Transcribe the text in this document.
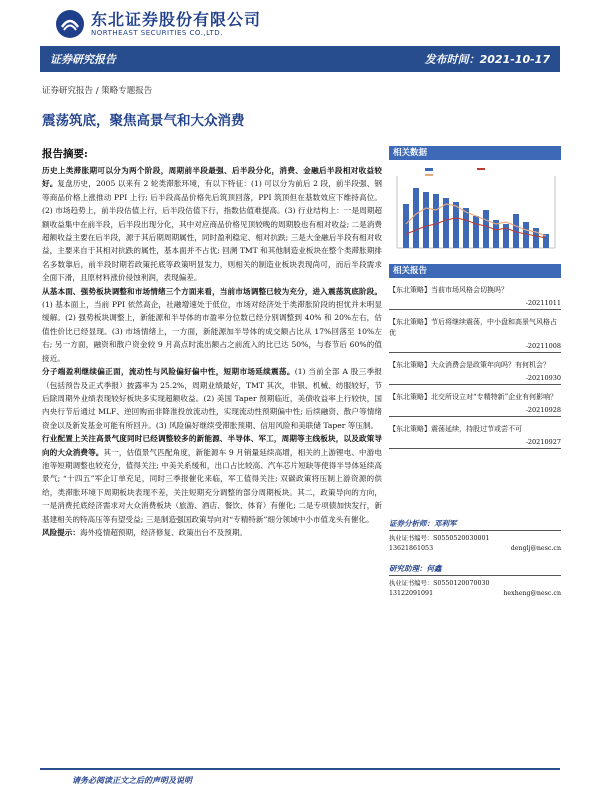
东北证券股份有限公司
NORTHEAST SECURITIES CO.,LTD.
证券研究报告	发布时间：2021-10-17
证券研究报告 / 策略专题报告
震荡筑底，聚焦高景气和大众消费
报告摘要:

历史上类滞胀期可以分为两个阶段，周期前半段最强、后半段分化，消费、金融后半段相对收益较好。复盘历史，2005 以来有 2 轮类滞胀环境，有以下特征：(1) 可以分为前后 2 段，前半段强、钢等商品价格上涨推动 PPI 上行; 后半段高品价格先后筑顶回落，PPI 筑顶但在基数效应下维持高位。(2) 市场趋势上，前半段估值上行，后半段估值下行，指数估值难提高。(3) 行业结构上：一是周期超额收益集中在前半段，后半段出现分化，其中对应商品价格见顶较晚的周期股也有相对收益; 二是消费超额收益主要在后半段，源于其后期周期属性，同时盈利稳定、相对抗跌; 三是大金融后半段有相对收益，主要来自于其相对抗跌的属性，基本面并不占优; 回溯 TMT 和其他制造业板块在整个类滞胀期排名多数靠后，前半段时期若政策托底等政策明显发力，则相关的制造业板块表现尚可，而后半段需求全面下滑，且原材料涨价侵蚀利润，表现偏差。

从基本面、强势板块调整和市场情绪三个方面来看，当前市场调整已较为充分，进入震荡筑底阶段。(1) 基本面上，当前 PPI 依然高企，社融增速处于低位，市场对经济处于类滞胀阶段的担忧并未明显缓解。(2) 强势板块调整上，新能源和半导体的市盈率分位数已经分别调整到 40% 和 20%左右，估值性价比已经显现。(3) 市场情绪上，一方面，新能源加半导体的成交额占比从 17%回落至 10%左右; 另一方面，融资和散户资金较 9 月高点时流出额占之前流入的比已达 50%，与春节后 60%的值接近。

分子端盈利继续偏正面，流动性与风险偏好偏中性，短期市场延续震荡。(1) 当前全部 A 股三季报（包括预告及正式季报）披露率为 25.2%，周期业绩最好，TMT 其次，非银、机械、纺服较好，节后除周期外业绩表现较好板块多实现超额收益。(2) 美国 Taper 预期临近，美债收益率上行较快，国内央行节后通过 MLF、逆回购而非降准投放流动性，实现流动性预期偏中性; 后续融资、散户等情绪资金以及新发基金可能有所回升。(3) 风险偏好继续受滞胀预期、信用风险和美联储 Taper 等压制。

行业配置上关注高景气度同时已经调整较多的新能源、半导体、军工，周期等主线板块，以及政策导向的大众消费等。其一，估值景气匹配角度，新能源车 9 月销量延续高增，相关的上游锂电、中游电池等短期调整也较充分，值得关注; 中美关系缓和，出口占比较高、汽车芯片短缺等使得半导体延续高景气; “十四五”军企订单充足，同时三季报催化来临，军工值得关注; 双碳政策将压制上游资源的供给，类滞胀环境下周期板块表现不差，关注短期充分调整的部分周期板块。其二，政策导向的方向，一是消费托底经济需求对大众消费板块（旅游、酒店、餐饮、体育）有催化; 二是专项债加快发行，新基建相关的特高压等有望受益; 三是制造强国政策导向对“专精特新”细分领域中小市值龙头有催化。

风险提示：海外疫情超预期，经济修复、政策出台不及预期。

相关数据
相关报告
【东北策略】当前市场风格会切换吗？
-20211011
【东北策略】节后将继续震荡，中小盘和高景气风格占优
-20211008
【东北策略】大众消费会是政策年向吗？有何机会？
-20210930
【东北策略】北交所设立对“专精特新”企业有何影响？
-20210928
【东北策略】震荡延续，持股过节或尝不可
-20210927
证券分析师：邓利军
执业证书编号：S0550520030001
13621861053	denglj@nesc.cn
研究助理：何鑫
执业证书编号：S0550120070030
13122091091	hexheng@nesc.cn
请务必阅读正文之后的声明及说明
